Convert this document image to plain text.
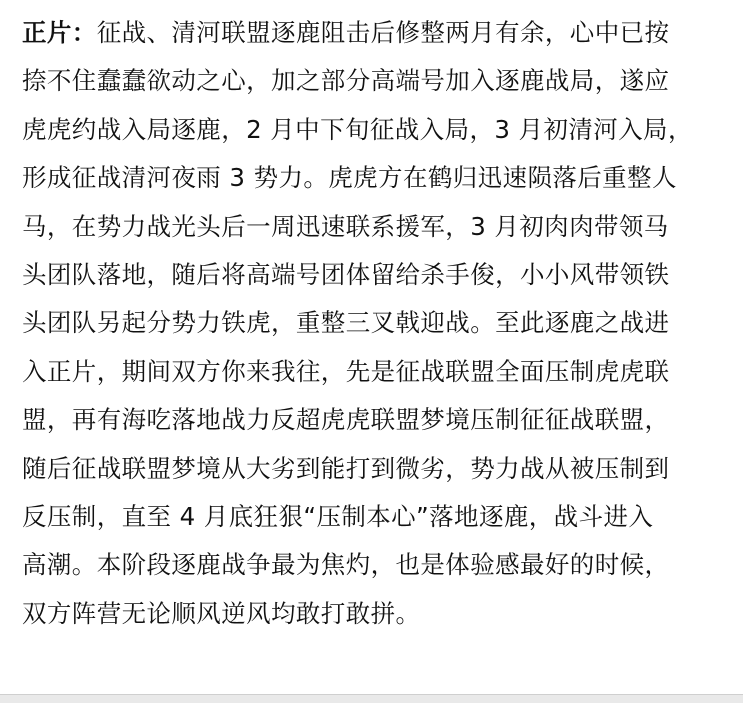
正片：征战、清河联盟逐鹿阻击后修整两月有余，心中已按
捺不住蠢蠢欲动之心，加之部分高端号加入逐鹿战局，遂应
虎虎约战入局逐鹿，2 月中下旬征战入局，3 月初清河入局，
形成征战清河夜雨 3 势力。虎虎方在鹤归迅速陨落后重整人
马，在势力战光头后一周迅速联系援军，3 月初肉肉带领马
头团队落地，随后将高端号团体留给杀手俊，小小风带领铁
头团队另起分势力铁虎，重整三叉戟迎战。至此逐鹿之战进
入正片，期间双方你来我往，先是征战联盟全面压制虎虎联
盟，再有海吃落地战力反超虎虎联盟梦境压制征征战联盟，
随后征战联盟梦境从大劣到能打到微劣，势力战从被压制到
反压制，直至 4 月底狂狠“压制本心”落地逐鹿，战斗进入
高潮。本阶段逐鹿战争最为焦灼，也是体验感最好的时候，
双方阵营无论顺风逆风均敢打敢拼。
